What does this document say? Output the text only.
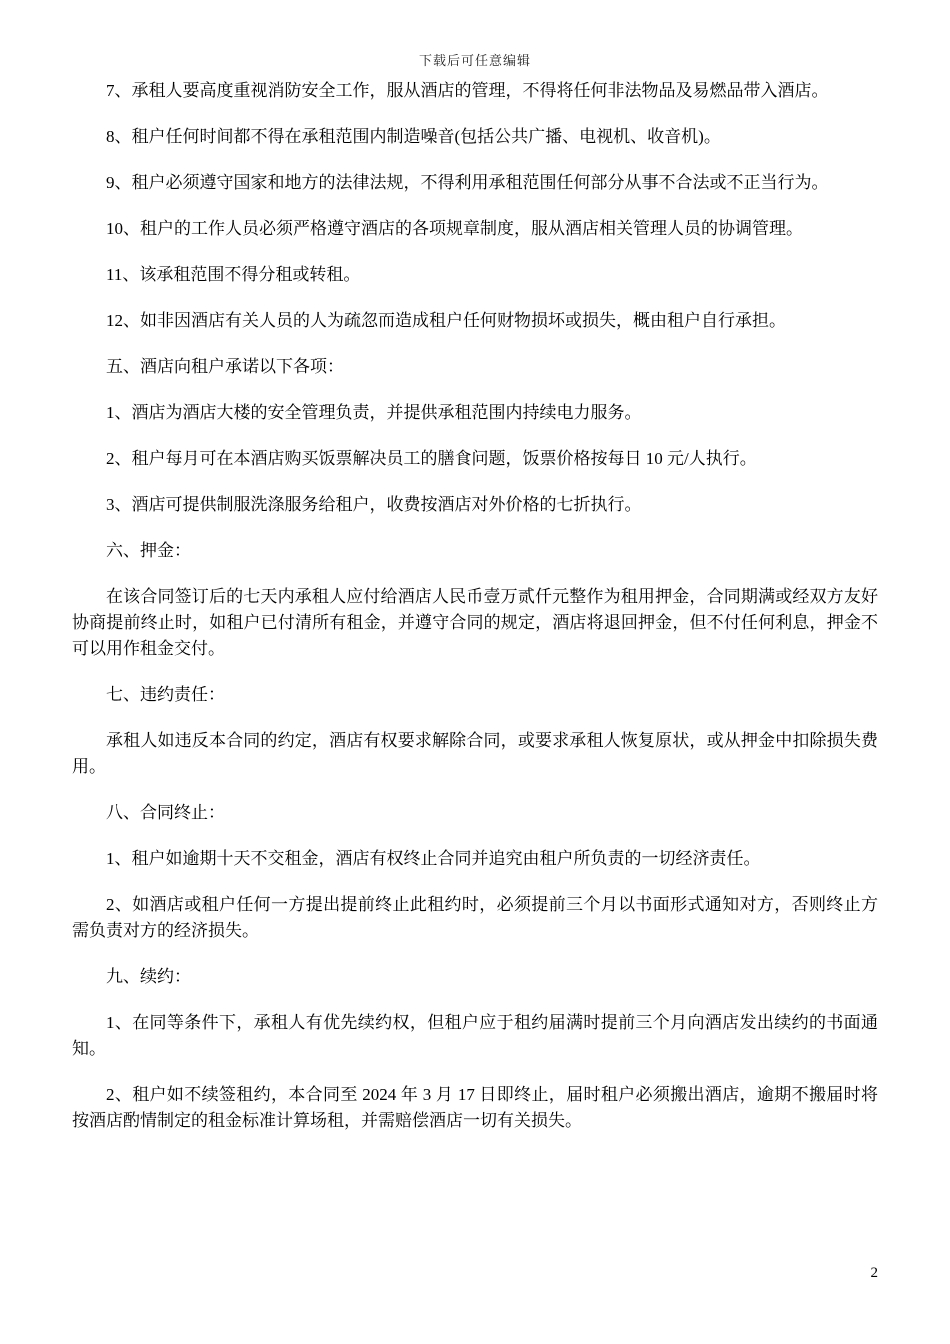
下载后可任意编辑

7、承租人要高度重视消防安全工作，服从酒店的管理，不得将任何非法物品及易燃品带入酒店。

8、租户任何时间都不得在承租范围内制造噪音(包括公共广播、电视机、收音机)。

9、租户必须遵守国家和地方的法律法规，不得利用承租范围任何部分从事不合法或不正当行为。

10、租户的工作人员必须严格遵守酒店的各项规章制度，服从酒店相关管理人员的协调管理。

11、该承租范围不得分租或转租。

12、如非因酒店有关人员的人为疏忽而造成租户任何财物损坏或损失，概由租户自行承担。

五、酒店向租户承诺以下各项：

1、酒店为酒店大楼的安全管理负责，并提供承租范围内持续电力服务。

2、租户每月可在本酒店购买饭票解决员工的膳食问题，饭票价格按每日 10 元/人执行。

3、酒店可提供制服洗涤服务给租户，收费按酒店对外价格的七折执行。

六、押金：

在该合同签订后的七天内承租人应付给酒店人民币壹万贰仟元整作为租用押金，合同期满或经双方友好协商提前终止时，如租户已付清所有租金，并遵守合同的规定，酒店将退回押金，但不付任何利息，押金不可以用作租金交付。

七、违约责任：

承租人如违反本合同的约定，酒店有权要求解除合同，或要求承租人恢复原状，或从押金中扣除损失费用。

八、合同终止：

1、租户如逾期十天不交租金，酒店有权终止合同并追究由租户所负责的一切经济责任。

2、如酒店或租户任何一方提出提前终止此租约时，必须提前三个月以书面形式通知对方，否则终止方需负责对方的经济损失。

九、续约：

1、在同等条件下，承租人有优先续约权，但租户应于租约届满时提前三个月向酒店发出续约的书面通知。

2、租户如不续签租约，本合同至 2024 年 3 月 17 日即终止，届时租户必须搬出酒店，逾期不搬届时将按酒店酌情制定的租金标准计算场租，并需赔偿酒店一切有关损失。

2
